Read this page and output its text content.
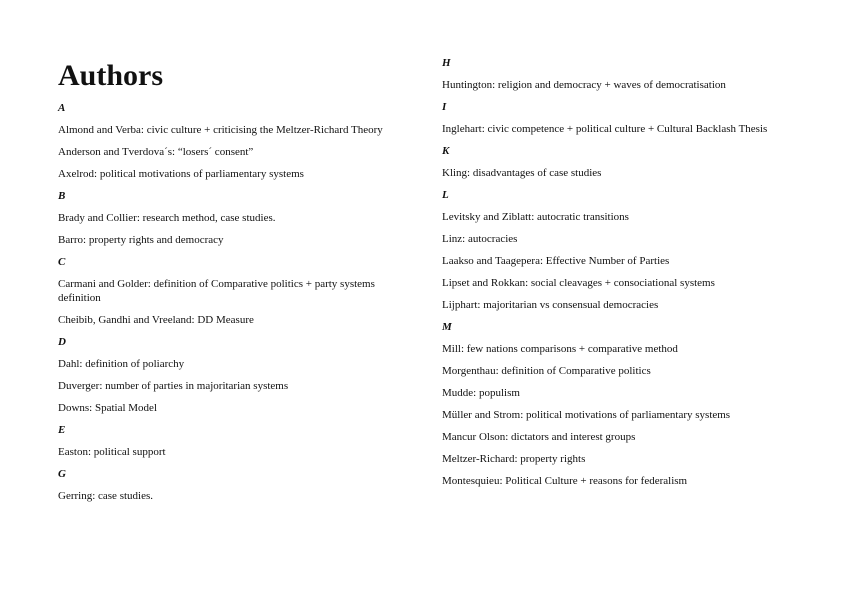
Authors
A
Almond and Verba: civic culture + criticising the Meltzer-Richard Theory
Anderson and Tverdova´s: “losers´ consent”
Axelrod: political motivations of parliamentary systems
B
Brady and Collier: research method, case studies.
Barro: property rights and democracy
C
Carmani and Golder: definition of Comparative politics + party systems definition
Cheibib, Gandhi and Vreeland: DD Measure
D
Dahl: definition of poliarchy
Duverger: number of parties in majoritarian systems
Downs: Spatial Model
E
Easton: political support
G
Gerring: case studies.
H
Huntington: religion and democracy + waves of democratisation
I
Inglehart: civic competence + political culture + Cultural Backlash Thesis
K
Kling: disadvantages of case studies
L
Levitsky and Ziblatt: autocratic transitions
Linz: autocracies
Laakso and Taagepera: Effective Number of Parties
Lipset and Rokkan: social cleavages + consociational systems
Lijphart: majoritarian vs consensual democracies
M
Mill: few nations comparisons + comparative method
Morgenthau: definition of Comparative politics
Mudde: populism
Müller and Strom: political motivations of parliamentary systems
Mancur Olson: dictators and interest groups
Meltzer-Richard: property rights
Montesquieu: Political Culture + reasons for federalism
